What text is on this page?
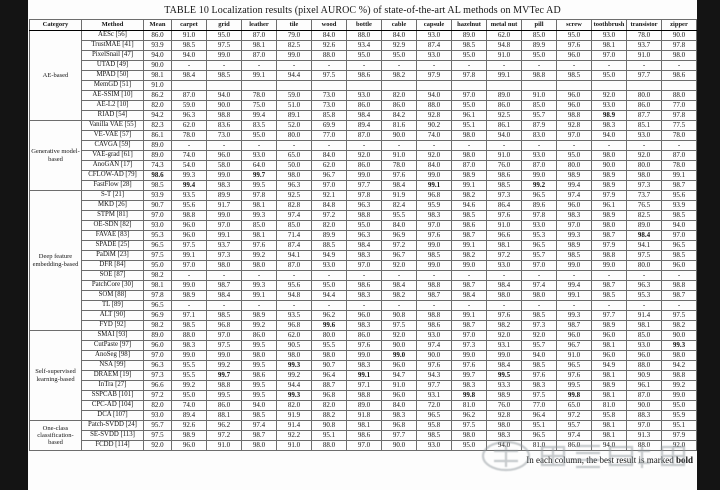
TABLE 10 Localization results (pixel AUROC %) of state-of-the-art AL methods on MVTec AD
Category	Method	Mean	carpet	grid	leather	tile	wood	bottle	cable	capsule	hazelnut	metal nut	pill	screw	toothbrush	transistor	zipper
AE-based	AESc [56]	86.0	91.0	95.0	87.0	79.0	84.0	88.0	84.0	93.0	89.0	62.0	85.0	95.0	93.0	78.0	90.0
	TrustMAE [41]	93.9	98.5	97.5	98.1	82.5	92.6	93.4	92.9	87.4	98.5	94.8	89.9	97.6	98.1	93.7	97.8
	PixelSnail [47]	94.0	94.0	99.0	87.0	99.0	88.0	95.0	95.0	93.0	95.0	91.0	95.0	96.0	97.0	91.0	98.0
	UTAD [49]	90.0	-	-	-	-	-	-	-	-	-	-	-	-	-	-	-
	MPAD [50]	98.1	98.4	98.5	99.1	94.4	97.5	98.6	98.2	97.9	97.8	99.1	98.8	98.5	95.0	97.7	98.6
	MemGD [51]	91.0															
	AE-SSIM [10]	86.2	87.0	94.0	78.0	59.0	73.0	93.0	82.0	94.0	97.0	89.0	91.0	96.0	92.0	80.0	88.0
	AE-L2 [10]	82.0	59.0	90.0	75.0	51.0	73.0	86.0	86.0	88.0	95.0	86.0	85.0	96.0	93.0	86.0	77.0
	RIAD [54]	94.2	96.3	98.8	99.4	89.1	85.8	98.4	84.2	92.8	96.1	92.5	95.7	98.8	98.9	87.7	97.8
Generative model-based	Vanilla VAE [55]	82.3	62.0	83.6	83.5	52.0	69.9	89.4	81.6	90.2	95.1	86.1	87.9	92.8	98.3	85.1	77.5
	VE-VAE [57]	86.1	78.0	73.0	95.0	80.0	77.0	87.0	90.0	74.0	98.0	94.0	83.0	97.0	94.0	93.0	78.0
	CAVGA [59]	89.0	-	-	-	-	-	-	-	-	-	-	-	-	-	-	-
	VAE-grad [61]	89.0	74.0	96.0	93.0	65.0	84.0	92.0	91.0	92.0	98.0	91.0	93.0	95.0	98.0	92.0	87.0
	AnoGAN [17]	74.3	54.0	58.0	64.0	50.0	62.0	86.0	78.0	84.0	87.0	76.0	87.0	80.0	90.0	80.0	78.0
	CFLOW-AD [79]	98.6	99.3	99.0	99.7	98.0	96.7	99.0	97.6	99.0	98.9	98.6	99.0	98.9	98.9	98.0	99.1
	FastFlow [28]	98.5	99.4	98.3	99.5	96.3	97.0	97.7	98.4	99.1	99.1	98.5	99.2	99.4	98.9	97.3	98.7
Deep feature embedding-based	S-T [21]	93.9	93.5	89.9	97.8	92.5	92.1	97.8	91.9	96.8	98.2	97.3	96.5	97.4	97.9	73.7	95.6
	MKD [26]	90.7	95.6	91.7	98.1	82.8	84.8	96.3	82.4	95.9	94.6	86.4	89.6	96.0	96.1	76.5	93.9
	STPM [81]	97.0	98.8	99.0	99.3	97.4	97.2	98.8	95.5	98.3	98.5	97.6	97.8	98.3	98.9	82.5	98.5
	OE-SDN [82]	93.0	96.0	97.0	85.0	85.0	82.0	95.0	84.0	97.0	98.6	91.0	93.0	97.0	98.0	89.0	94.0
	FAVAE [83]	95.3	96.0	99.1	98.1	71.4	89.9	96.3	96.9	97.6	98.7	96.6	95.3	99.3	98.7	98.4	97.0
	SPADE [25]	96.5	97.5	93.7	97.6	87.4	88.5	98.4	97.2	99.0	99.1	98.1	96.5	98.9	97.9	94.1	96.5
	PaDiM [23]	97.5	99.1	97.3	99.2	94.1	94.9	98.3	96.7	98.5	98.2	97.2	95.7	98.5	98.8	97.5	98.5
	DFR [84]	95.0	97.0	98.0	98.0	87.0	93.0	97.0	92.0	99.0	99.0	93.0	97.0	99.0	99.0	80.0	96.0
	SOE [87]	98.2	-	-	-	-	-	-	-	-	-	-	-	-	-	-	-
	PatchCore [30]	98.1	99.0	98.7	99.3	95.6	95.0	98.6	98.4	98.8	98.7	98.4	97.4	99.4	98.7	96.3	98.8
	SOM [88]	97.8	98.9	98.4	99.1	94.8	94.4	98.3	98.2	98.7	98.4	98.0	98.0	99.1	98.5	95.3	98.7
	TL [89]	96.5	-	-	-	-	-	-	-	-	-	-	-	-	-	-	-
	ALT [90]	96.9	97.1	98.5	98.9	93.5	96.2	96.0	90.8	98.8	99.1	97.6	98.5	99.3	97.7	91.4	97.5
	FYD [92]	98.2	98.5	96.8	99.2	96.8	99.6	98.3	97.5	98.6	98.7	98.2	97.3	98.7	98.9	98.1	98.2
Self-supervised learning-based	SMAI [93]	89.0	88.0	97.0	86.0	62.0	80.0	86.0	92.0	93.0	97.0	92.0	92.0	96.0	96.0	85.0	90.0
	CutPaste [97]	96.0	98.3	97.5	99.5	90.5	95.5	97.6	90.0	97.4	97.3	93.1	95.7	96.7	98.1	93.0	99.3
	AnoSeg [98]	97.0	99.0	99.0	98.0	98.0	98.0	99.0	99.0	90.0	99.0	99.0	94.0	91.0	96.0	96.0	98.0
	NSA [99]	96.3	95.5	99.2	99.5	99.3	90.7	98.3	96.0	97.6	97.6	98.4	98.5	96.5	94.9	88.0	94.2
	DRAEM [19]	97.3	95.5	99.7	98.6	99.2	96.4	99.1	94.7	94.3	99.7	99.5	97.6	97.6	98.1	90.9	98.8
	InTra [27]	96.6	99.2	98.8	99.5	94.4	88.7	97.1	91.0	97.7	98.3	93.3	98.3	99.5	98.9	96.1	99.2
	SSPCAB [101]	97.2	95.0	99.5	99.5	99.3	96.8	98.8	96.0	93.1	99.8	98.9	97.5	99.8	98.1	87.0	99.0
	CPC-AD [104]	82.0	74.0	86.0	94.0	82.0	82.0	89.0	84.0	72.0	81.0	76.0	77.0	65.0	81.0	90.0	95.0
	DCA [107]	93.0	89.4	88.1	98.5	91.9	88.2	91.8	98.3	96.5	96.2	92.8	96.4	97.2	95.8	88.3	95.9
One-class classification-based	Patch-SVDD [24]	95.7	92.6	96.2	97.4	91.4	90.8	98.1	96.8	95.8	97.5	98.0	95.1	95.7	98.1	97.0	95.1
	SE-SVDD [113]	97.5	98.9	97.2	98.7	92.2	95.1	98.6	97.7	98.5	98.0	98.3	96.5	97.4	98.1	91.3	97.9
	FCDD [114]	92.0	96.0	91.0	98.0	91.0	88.0	97.0	90.0	93.0	95.0	94.0	81.0	86.0	94.0	88.0	92.0
In each column, the best result is marked bold
